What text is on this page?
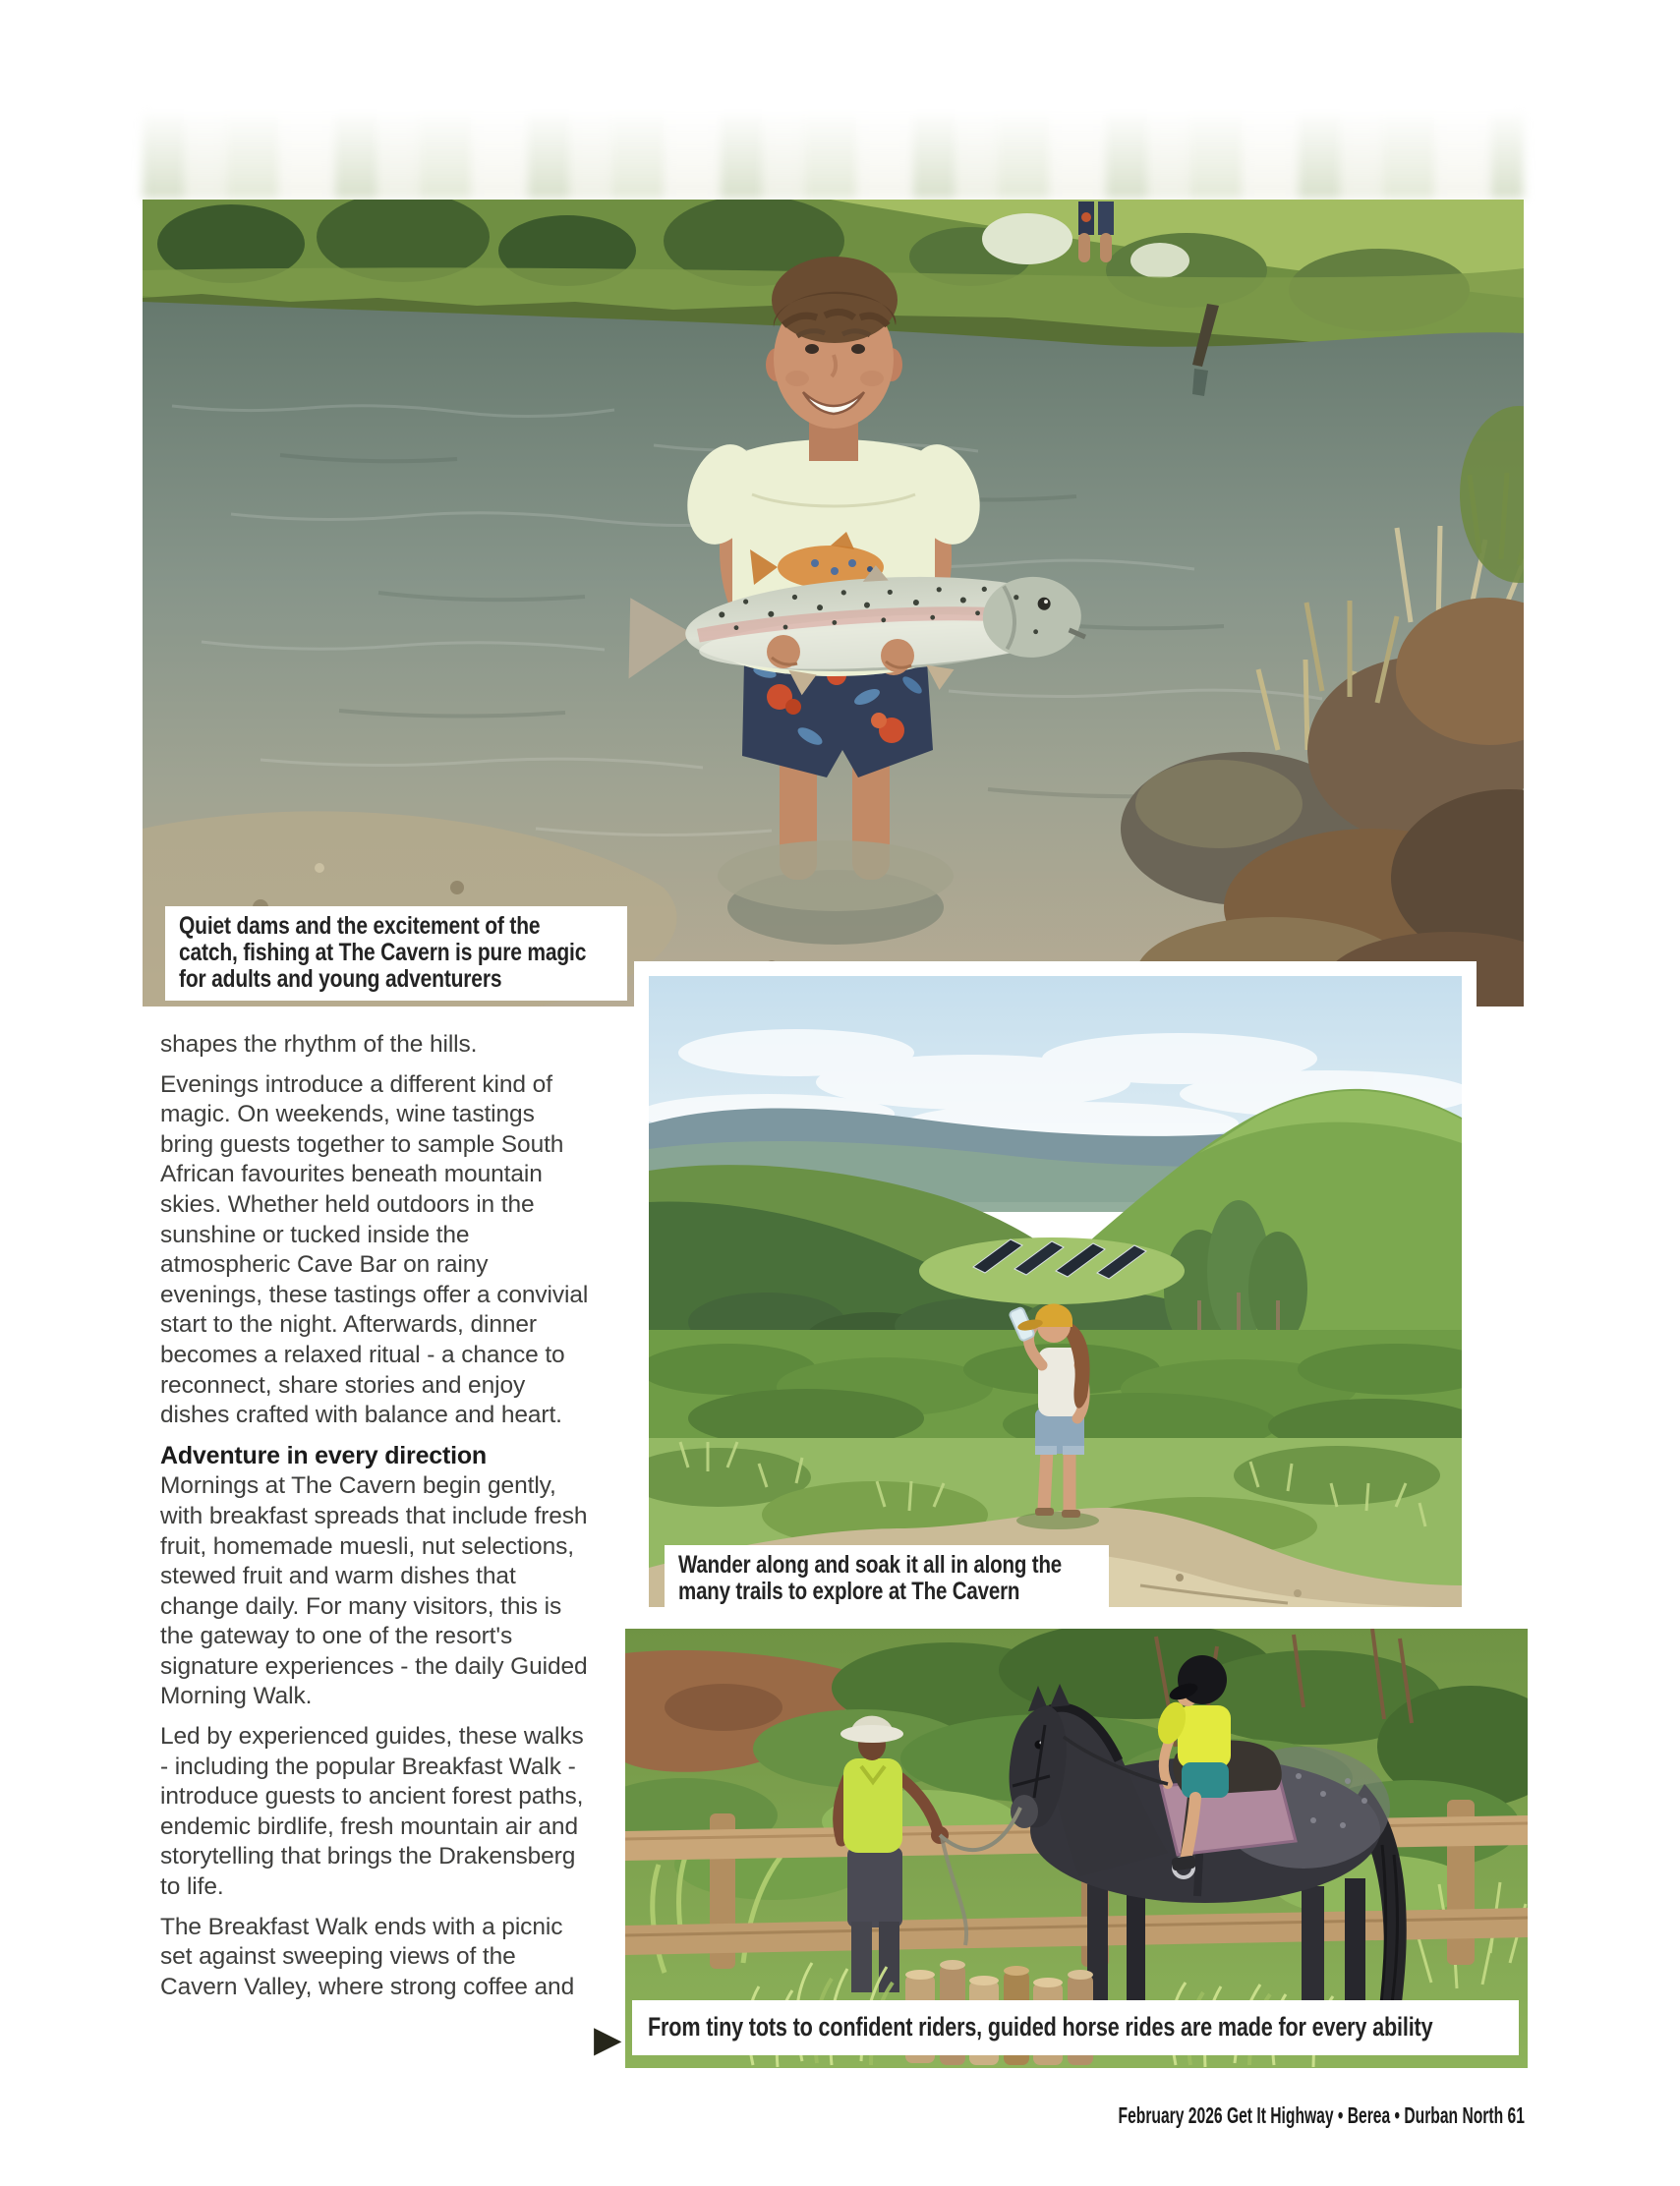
Quiet dams and the excitement of the
catch, fishing at The Cavern is pure magic
for adults and young adventurers
Wander along and soak it all in along the
many trails to explore at The Cavern
From tiny tots to confident riders, guided horse rides are made for every ability
▶

shapes the rhythm of the hills.

Evenings introduce a different kind of magic. On weekends, wine tastings bring guests together to sample South African favourites beneath mountain skies. Whether held outdoors in the sunshine or tucked inside the atmospheric Cave Bar on rainy evenings, these tastings offer a convivial start to the night. Afterwards, dinner becomes a relaxed ritual - a chance to reconnect, share stories and enjoy dishes crafted with balance and heart.

Adventure in every direction

Mornings at The Cavern begin gently, with breakfast spreads that include fresh fruit, homemade muesli, nut selections, stewed fruit and warm dishes that change daily. For many visitors, this is the gateway to one of the resort's signature experiences - the daily Guided Morning Walk.

Led by experienced guides, these walks - including the popular Breakfast Walk - introduce guests to ancient forest paths, endemic birdlife, fresh mountain air and storytelling that brings the Drakensberg to life.

The Breakfast Walk ends with a picnic set against sweeping views of the Cavern Valley, where strong coffee and

February 2026 Get It Highway • Berea • Durban North 61
